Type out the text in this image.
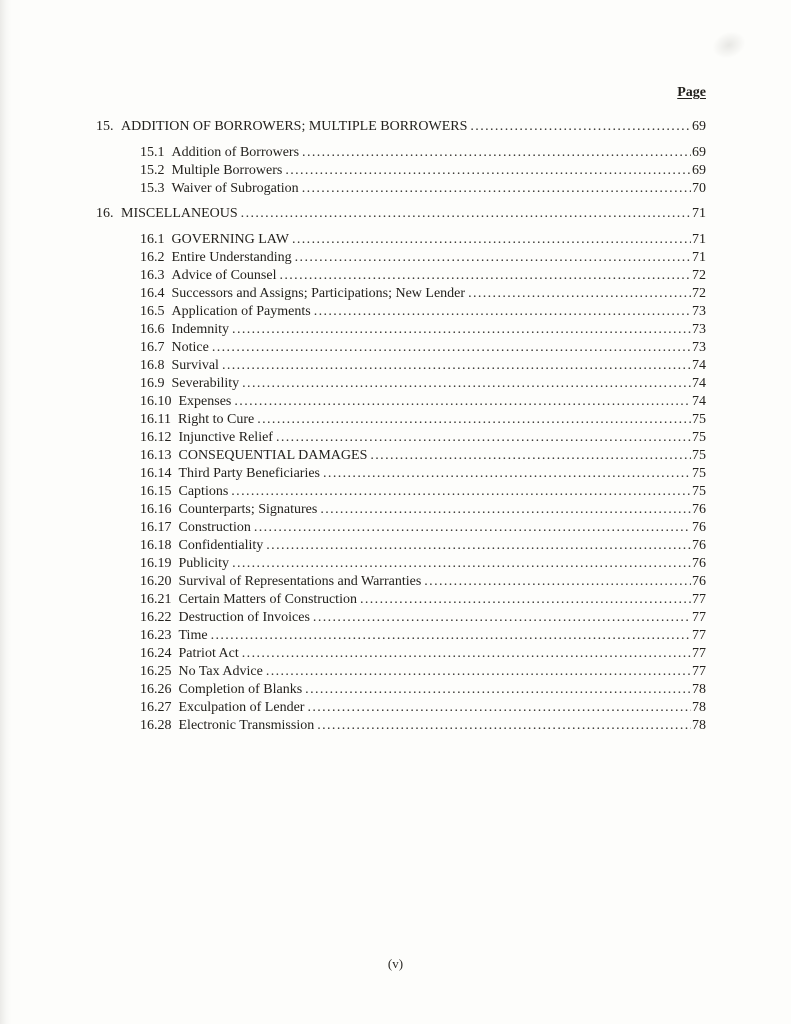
Page
15. ADDITION OF BORROWERS; MULTIPLE BORROWERS .....	69
15.1 Addition of Borrowers .....	69
15.2 Multiple Borrowers .....	69
15.3 Waiver of Subrogation .....	70
16. MISCELLANEOUS .....	71
16.1 GOVERNING LAW .....	71
16.2 Entire Understanding .....	71
16.3 Advice of Counsel .....	72
16.4 Successors and Assigns; Participations; New Lender .....	72
16.5 Application of Payments .....	73
16.6 Indemnity .....	73
16.7 Notice .....	73
16.8 Survival .....	74
16.9 Severability .....	74
16.10 Expenses .....	74
16.11 Right to Cure .....	75
16.12 Injunctive Relief .....	75
16.13 CONSEQUENTIAL DAMAGES .....	75
16.14 Third Party Beneficiaries .....	75
16.15 Captions .....	75
16.16 Counterparts; Signatures .....	76
16.17 Construction .....	76
16.18 Confidentiality .....	76
16.19 Publicity .....	76
16.20 Survival of Representations and Warranties .....	76
16.21 Certain Matters of Construction .....	77
16.22 Destruction of Invoices .....	77
16.23 Time .....	77
16.24 Patriot Act .....	77
16.25 No Tax Advice .....	77
16.26 Completion of Blanks .....	78
16.27 Exculpation of Lender .....	78
16.28 Electronic Transmission .....	78
(v)
